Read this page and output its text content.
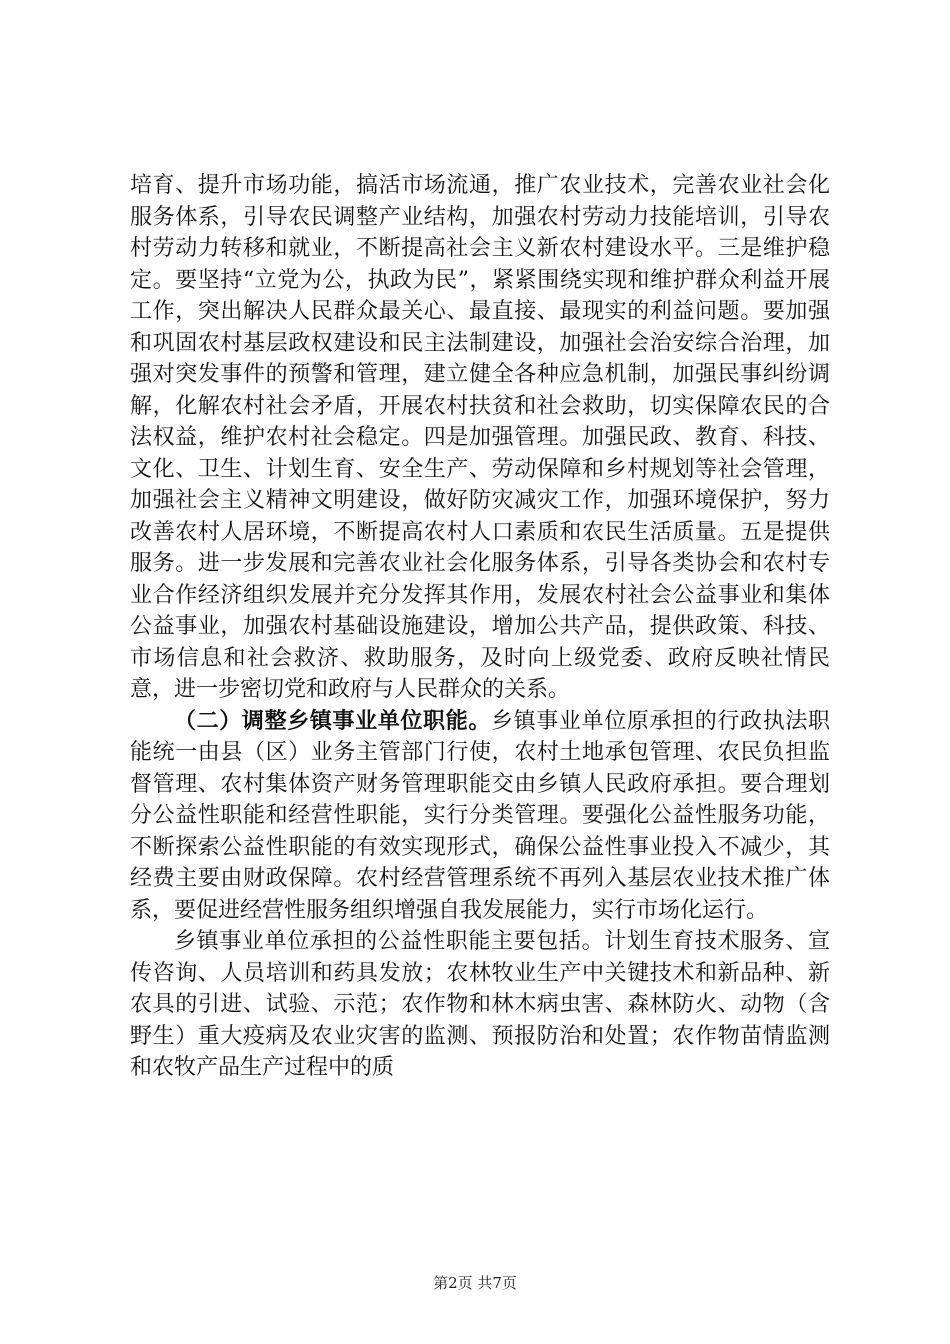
培育、提升市场功能，搞活市场流通，推广农业技术，完善农业社会化服务体系，引导农民调整产业结构，加强农村劳动力技能培训，引导农村劳动力转移和就业，不断提高社会主义新农村建设水平。三是维护稳定。要坚持“立党为公，执政为民”，紧紧围绕实现和维护群众利益开展工作，突出解决人民群众最关心、最直接、最现实的利益问题。要加强和巩固农村基层政权建设和民主法制建设，加强社会治安综合治理，加强对突发事件的预警和管理，建立健全各种应急机制，加强民事纠纷调解，化解农村社会矛盾，开展农村扶贫和社会救助，切实保障农民的合法权益，维护农村社会稳定。四是加强管理。加强民政、教育、科技、文化、卫生、计划生育、安全生产、劳动保障和乡村规划等社会管理，加强社会主义精神文明建设，做好防灾减灾工作，加强环境保护，努力改善农村人居环境，不断提高农村人口素质和农民生活质量。五是提供服务。进一步发展和完善农业社会化服务体系，引导各类协会和农村专业合作经济组织发展并充分发挥其作用，发展农村社会公益事业和集体公益事业，加强农村基础设施建设，增加公共产品，提供政策、科技、市场信息和社会救济、救助服务，及时向上级党委、政府反映社情民意，进一步密切党和政府与人民群众的关系。

（二）调整乡镇事业单位职能。乡镇事业单位原承担的行政执法职能统一由县（区）业务主管部门行使，农村土地承包管理、农民负担监督管理、农村集体资产财务管理职能交由乡镇人民政府承担。要合理划分公益性职能和经营性职能，实行分类管理。要强化公益性服务功能，不断探索公益性职能的有效实现形式，确保公益性事业投入不减少，其经费主要由财政保障。农村经营管理系统不再列入基层农业技术推广体系，要促进经营性服务组织增强自我发展能力，实行市场化运行。

乡镇事业单位承担的公益性职能主要包括。计划生育技术服务、宣传咨询、人员培训和药具发放；农林牧业生产中关键技术和新品种、新农具的引进、试验、示范；农作物和林木病虫害、森林防火、动物（含野生）重大疫病及农业灾害的监测、预报防治和处置；农作物苗情监测和农牧产品生产过程中的质

第2页 共7页
